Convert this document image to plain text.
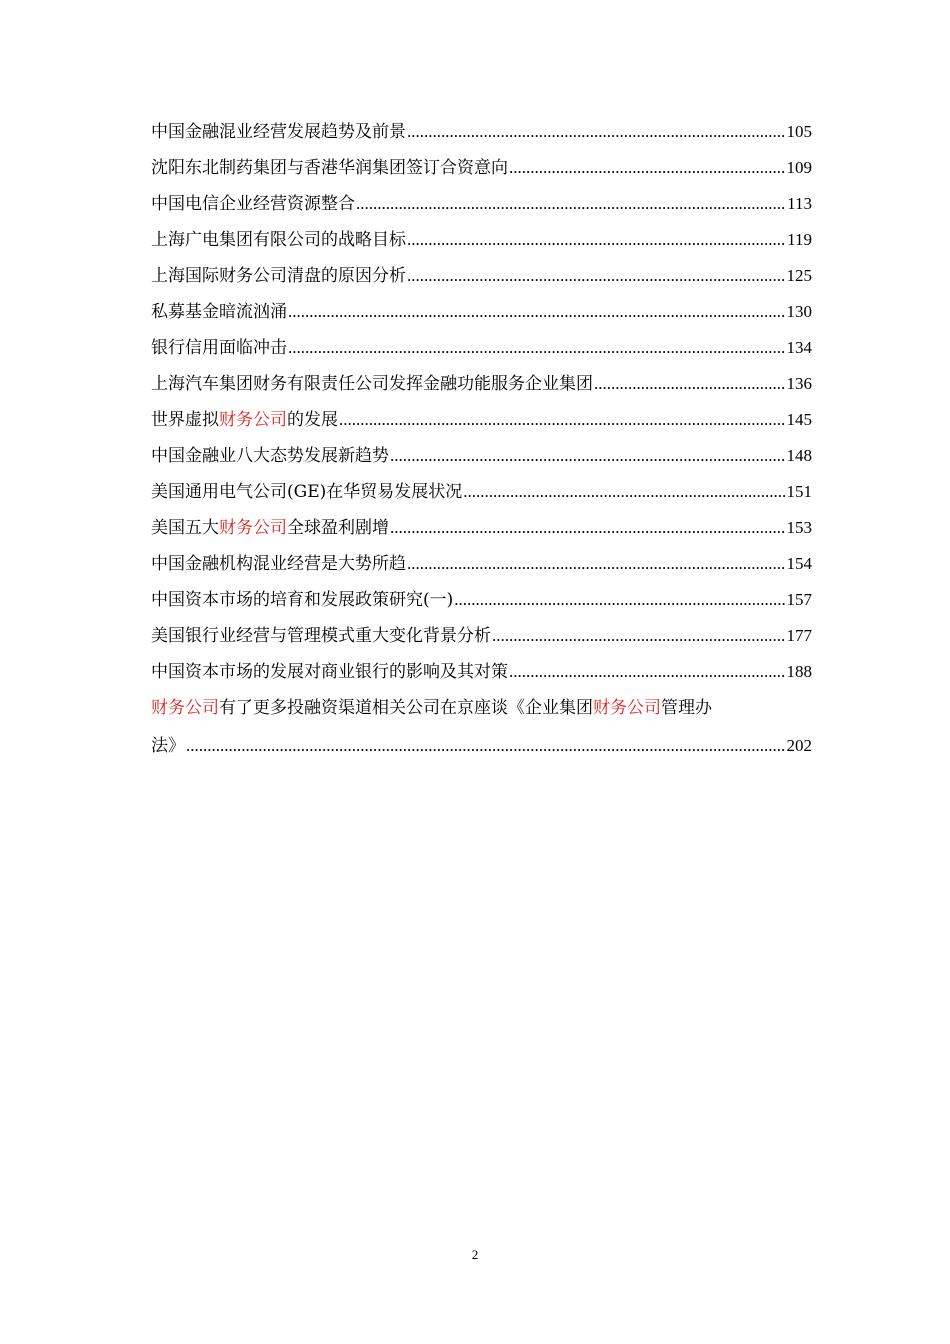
中国金融混业经营发展趋势及前景 .....	105
沈阳东北制药集团与香港华润集团签订合资意向 .....	109
中国电信企业经营资源整合 .....	113
上海广电集团有限公司的战略目标 .....	119
上海国际财务公司清盘的原因分析 .....	125
私募基金暗流汹涌 .....	130
银行信用面临冲击 .....	134
上海汽车集团财务有限责任公司发挥金融功能服务企业集团 .....	136
世界虚拟财务公司的发展 .....	145
中国金融业八大态势发展新趋势 .....	148
美国通用电气公司(GE)在华贸易发展状况 .....	151
美国五大财务公司全球盈利剧增 .....	153
中国金融机构混业经营是大势所趋 .....	154
中国资本市场的培育和发展政策研究(一) .....	157
美国银行业经营与管理模式重大变化背景分析 .....	177
中国资本市场的发展对商业银行的影响及其对策 .....	188
财务公司有了更多投融资渠道相关公司在京座谈《企业集团财务公司管理办
法》 .....	202
2
